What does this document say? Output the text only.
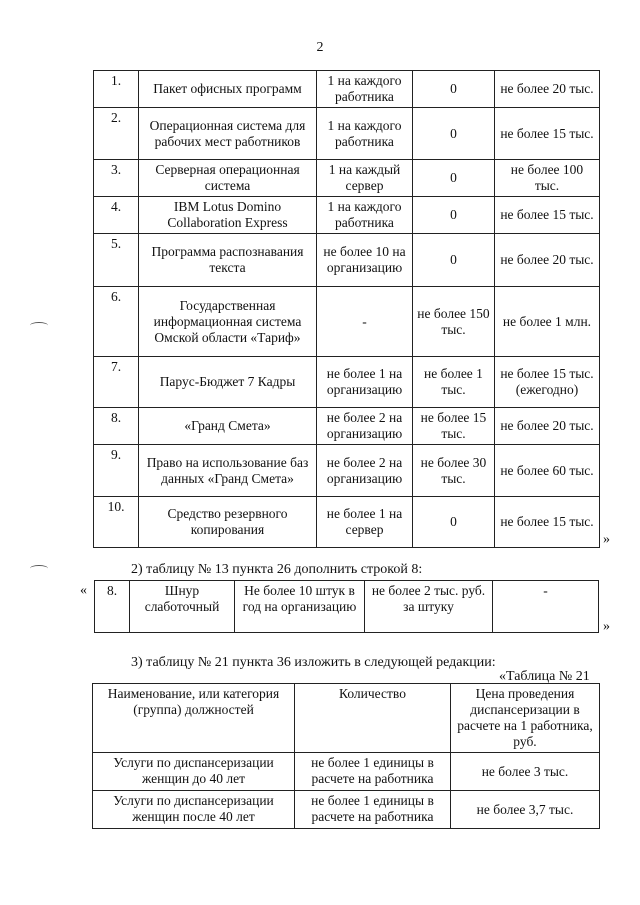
2
1.	Пакет офисных программ	1 на каждого работника	0	не более 20 тыс.
2.	Операционная система для рабочих мест работников	1 на каждого работника	0	не более 15 тыс.
3.	Серверная операционная система	1 на каждый сервер	0	не более 100 тыс.
4.	IBM Lotus Domino Collaboration Express	1 на каждого работника	0	не более 15 тыс.
5.	Программа распознавания текста	не более 10 на организацию	0	не более 20 тыс.
6.	Государственная информационная система Омской области «Тариф»	-	не более 150 тыс.	не более 1 млн.
7.	Парус-Бюджет 7 Кадры	не более 1 на организацию	не более 1 тыс.	не более 15 тыс. (ежегодно)
8.	«Гранд Смета»	не более 2 на организацию	не более 15 тыс.	не более 20 тыс.
9.	Право на использование баз данных «Гранд Смета»	не более 2 на организацию	не более 30 тыс.	не более 60 тыс.
10.	Средство резервного копирования	не более 1 на сервер	0	не более 15 тыс.
»
2) таблицу № 13 пункта 26 дополнить строкой 8:
« 8.	Шнур слаботочный	Не более 10 штук в год на организацию	не более 2 тыс. руб. за штуку	-
»
3) таблицу № 21 пункта 36 изложить в следующей редакции:
«Таблица № 21
Наименование, или категория (группа) должностей	Количество	Цена проведения диспансеризации в расчете на 1 работника, руб.
Услуги по диспансеризации женщин до 40 лет	не более 1 единицы в расчете на работника	не более 3 тыс.
Услуги по диспансеризации женщин после 40 лет	не более 1 единицы в расчете на работника	не более 3,7 тыс.
